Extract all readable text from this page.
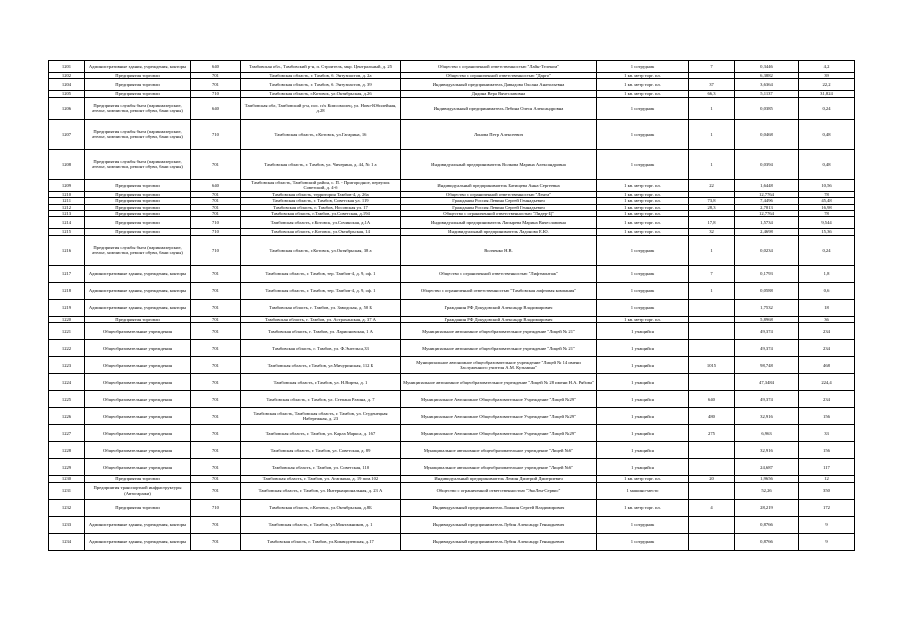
1201	Административные здания, учреждения, конторы	640	Тамбовская обл., Тамбовский р-н, п. Строитель, мкр. Центральный, д. 25	Общество с ограниченной ответственностью "Лайн-Телеком"	1 сотрудник	7	0,3446	4,2
1202	Предприятия торговли	701	Тамбовская область, г. Тамбов, б. Энтузиастов, д. 2а	Общество с ограниченной ответственностью "Дарго"	1 кв. метр торг. пл.		6,3882	39
1204	Предприятия торговли	701	Тамбовская область, г. Тамбов, б. Энтузиастов, д. 39	Индивидуальный предприниматель Давыдова Оксана Анатольевна	1 кв. метр торг. пл.	37	3,6364	22,2
1205	Предприятия торговли	710	Тамбовская область, г.Котовск, ул.Октябрьская, д.26	Дядина Вера Вячеславовна	1 кв. метр торг. пл.	66,3	5,1137	31,824
1206	Предприятия службы быта (парикмахерские, ателье, химчистки, ремонт обуви, бани сауны)	640	Тамбовская обл, Тамбовский р-н, пос. п/х Комсомолец, ул. Ново-Юбилейная, д.28	Индивидуальный предприниматель Лебина Олеся Александровна	1 сотрудник	1	0,0385	0,24
1207	Предприятия службы быта (парикмахерские, ателье, химчистки, ремонт обуви, бани сауны)	710	Тамбовская область, г.Котовск, ул.Гагарина, 16	Лонова Петр Алексеевич	1 сотрудник	1	0,0468	0,48
1208	Предприятия службы быта (парикмахерские, ателье, химчистки, ремонт обуви, бани сауны)	701	Тамбовская область, г. Тамбов, ул. Чичерина, д. 44, № 1 а	Индивидуальный предприниматель Волкова Марина Александровна	1 сотрудник	1	0,0394	0,48
1209	Предприятия торговли	640	Тамбовская область, Тамбовский район, с. П. - Пригородное, переулок Советский, д. 4-б	Индивидуальный предприниматель Батищева Анна Сергеевна	1 кв. метр торг. пл.	22	1,6448	10,56
1210	Предприятия торговли	701	Тамбовская область, территория Тамбов-4, д. 26а	Общество с ограниченной ответственностью "Лента"	1 кв. метр торг. пл.		12,7764	78
1211	Предприятия торговли	701	Тамбовская область, г. Тамбов, Советская ул. 119	Гражданин Россия Левина Сергей Геннадьевич	1 кв. метр торг. пл.	73,8	7,4496	45,48
1212	Предприятия торговли	701	Тамбовская область, г. Тамбов, Носовская ул. 17	Гражданин Россия Левина Сергей Геннадьевич	1 кв. метр торг. пл.	28,3	2,7813	16,98
1213	Предприятия торговли	701	Тамбовская область, г.Тамбов, ул.Советская, д.194	Общество с ограниченной ответственностью "Лидер-Ц"	1 кв. метр торг. пл.		12,7764	78
1214	Предприятия торговли	710	Тамбовская область, г.Котовск, ул.Сочинская, д.1А	Индивидуальный предприниматель Лапырева Марина Вячеславовна	1 кв. метр торг. пл.	17,8	1,5734	9,544
1215	Предприятия торговли	710	Тамбовская область, г.Котовск, ул.Октябрьская, 14	Индивидуальный предприниматель Ладонова Е.Ю.	1 кв. метр торг. пл.	32	2,4698	15,36
1216	Предприятия службы быта (парикмахерские, ателье, химчистки, ремонт обуви, бани сауны)	710	Тамбовская область, г.Котовск, ул.Октябрьская, 38 а	Волченко Н.В.	1 сотрудник	1	0,0234	0,24
1217	Административные здания, учреждения, конторы	701	Тамбовская область, г. Тамбов, тер. Тамбов-4, д. 9, оф. 1	Общество с ограниченной ответственностью "Лифтмонтаж"	1 сотрудник	7	0,1793	1,8
1218	Административные здания, учреждения, конторы	701	Тамбовская область, г. Тамбов, тер. Тамбов-4, д. 9, оф. 1	Общество с ограниченной ответственностью "Тамбовская лифтовая компания"	1 сотрудник	1	0,0588	0,6
1219	Административные здания, учреждения, конторы	701	Тамбовская область, г. Тамбов, ул. Заводская, д. 50 Б	Гражданин РФ Докудовский Александр Владимирович	1 сотрудник		1,7532	18
1220	Предприятия торговли	701	Тамбовская область, г. Тамбов, ул. Астраханская, д. 37 А	Гражданин РФ Докудовский Александр Владимирович	1 кв. метр торг. пл.		5,8968	36
1221	Общеобразовательные учреждения	701	Тамбовская область, г. Тамбов, ул. Ларионовская, 1 А	Муниципальное автономное общеобразовательное учреждение "Лицей № 21"	1 учащийся		49,374	234
1222	Общеобразовательные учреждения	701	Тамбовская область, г. Тамбов, ул. Ф.Энгельса,33	Муниципальное автономное общеобразовательное учреждение "Лицей № 21"	1 учащийся		49,374	234
1223	Общеобразовательные учреждения	701	Тамбовская область, г.Тамбов, ул.Мичуринская, 112 Б	Муниципальное автономное общеобразовательное учреждение "Лицей № 14 имени Заслуженного учителя А.М. Кузьмина"	1 учащийся	1015	98,748	468
1224	Общеобразовательные учреждения	701	Тамбовская область, г.Тамбов, ул. Н.Вирты, д. 1	Муниципальное автономное общеобразовательное учреждение "Лицей № 28 имени Н.А. Рябова"	1 учащийся		47,3484	224,4
1225	Общеобразовательные учреждения	701	Тамбовская область, г. Тамбов, ул. Степана Разина, д. 7	Муниципальное Автономное Общеобразовательное Учреждение "Лицей №29"	1 учащийся	640	49,374	234
1226	Общеобразовательные учреждения	701	Тамбовская область, Тамбовская область, г. Тамбов, ул. Студенецкая Набережная, д. 23	Муниципальное Автономное Общеобразовательное Учреждение "Лицей №29"	1 учащийся	480	32,916	156
1227	Общеобразовательные учреждения	701	Тамбовская область, г. Тамбов, ул. Карла Маркса, д. 167	Муниципальное Автономное Общеобразовательное Учреждение "Лицей №29"	1 учащийся	275	6,963	33
1228	Общеобразовательные учреждения	701	Тамбовская область, г. Тамбов, ул. Советская, д. 89	Муниципальное автономное общеобразовательное учреждение "Лицей №6"	1 учащийся		32,916	156
1229	Общеобразовательные учреждения	701	Тамбовская область, г. Тамбов, ул. Советская, 110	Муниципальное автономное общеобразовательное учреждение "Лицей №6"	1 учащийся		24,687	117
1230	Предприятия торговли	701	Тамбовская область, г. Тамбов, ул. Агапкина, д. 19 пом.102	Индивидуальный предприниматель Лемин Дмитрий Дмитриевич	1 кв. метр торг. пл.	20	1,9656	12
1231	Предприятия транспортной инфраструктуры (Автогаражи)	701	Тамбовская область, г. Тамбов, ул. Интернациональная, д. 23 А	Общество с ограниченной ответственностью "ЭкоЛен-Сервис"	1 машино-место		52,26	350
1232	Предприятия торговли	710	Тамбовская область, г.Котовск, ул.Октябрьская, д.8Б	Индивидуальный предприниматель Ложкин Сергей Владимирович	1 кв. метр торг. пл.	4	28,219	172
1233	Административные здания, учреждения, конторы	701	Тамбовская область, г. Тамбов, ул.Монтажников, д. 1	Индивидуальный предприниматель Лубин Александр Геннадьевич	1 сотрудник		0,8766	9
1234	Административные здания, учреждения, конторы	701	Тамбовская область, г. Тамбов, ул.Киквидзевская, д.17	Индивидуальный предприниматель Лубин Александр Геннадьевич	1 сотрудник		0,8766	9
